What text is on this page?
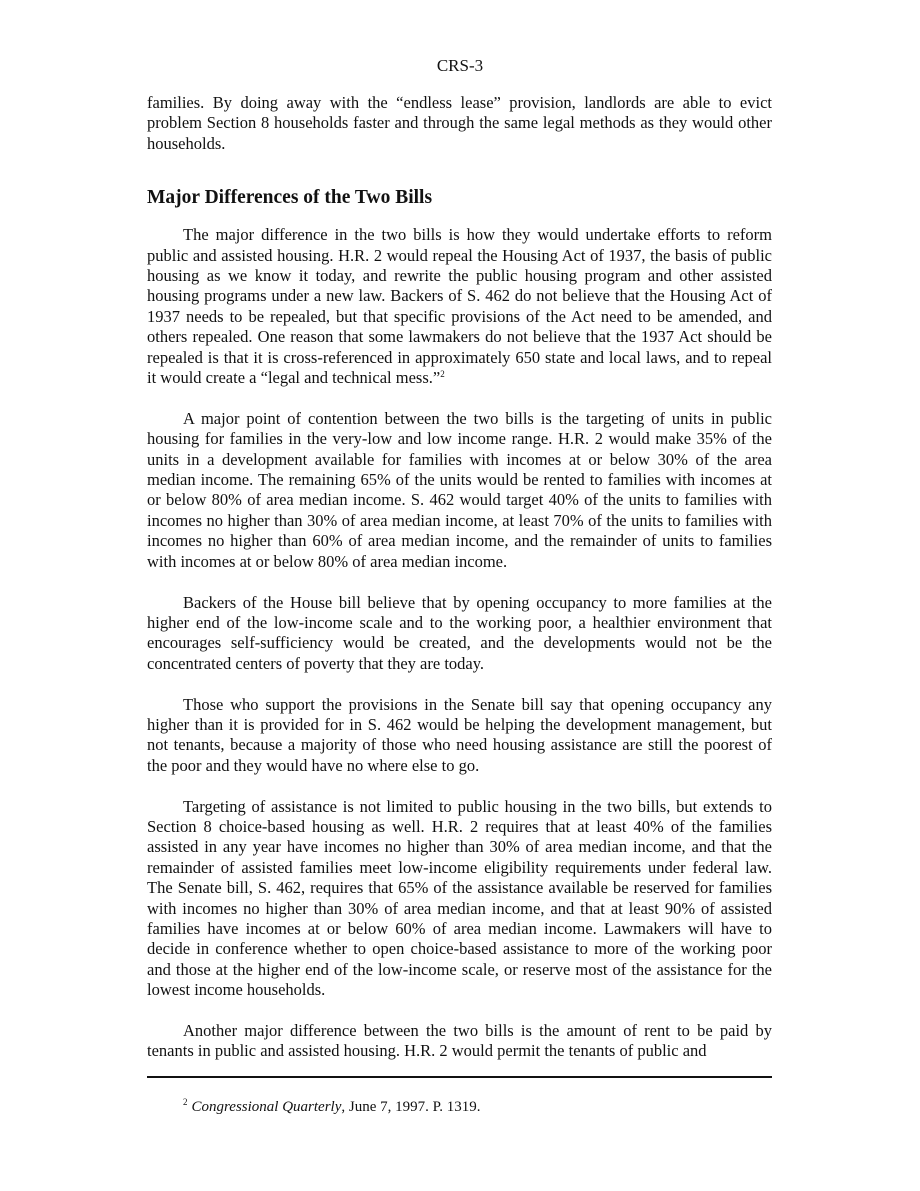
CRS-3

families. By doing away with the “endless lease” provision, landlords are able to evict problem Section 8 households faster and through the same legal methods as they would other households.

Major Differences of the Two Bills

The major difference in the two bills is how they would undertake efforts to reform public and assisted housing. H.R. 2 would repeal the Housing Act of 1937, the basis of public housing as we know it today, and rewrite the public housing program and other assisted housing programs under a new law. Backers of S. 462 do not believe that the Housing Act of 1937 needs to be repealed, but that specific provisions of the Act need to be amended, and others repealed. One reason that some lawmakers do not believe that the 1937 Act should be repealed is that it is cross-referenced in approximately 650 state and local laws, and to repeal it would create a “legal and technical mess.”$^2$

A major point of contention between the two bills is the targeting of units in public housing for families in the very-low and low income range. H.R. 2 would make 35% of the units in a development available for families with incomes at or below 30% of the area median income. The remaining 65% of the units would be rented to families with incomes at or below 80% of area median income. S. 462 would target 40% of the units to families with incomes no higher than 30% of area median income, at least 70% of the units to families with incomes no higher than 60% of area median income, and the remainder of units to families with incomes at or below 80% of area median income.

Backers of the House bill believe that by opening occupancy to more families at the higher end of the low-income scale and to the working poor, a healthier environment that encourages self-sufficiency would be created, and the developments would not be the concentrated centers of poverty that they are today.

Those who support the provisions in the Senate bill say that opening occupancy any higher than it is provided for in S. 462 would be helping the development management, but not tenants, because a majority of those who need housing assistance are still the poorest of the poor and they would have no where else to go.

Targeting of assistance is not limited to public housing in the two bills, but extends to Section 8 choice-based housing as well. H.R. 2 requires that at least 40% of the families assisted in any year have incomes no higher than 30% of area median income, and that the remainder of assisted families meet low-income eligibility requirements under federal law. The Senate bill, S. 462, requires that 65% of the assistance available be reserved for families with incomes no higher than 30% of area median income, and that at least 90% of assisted families have incomes at or below 60% of area median income. Lawmakers will have to decide in conference whether to open choice-based assistance to more of the working poor and those at the higher end of the low-income scale, or reserve most of the assistance for the lowest income households.

Another major difference between the two bills is the amount of rent to be paid by tenants in public and assisted housing. H.R. 2 would permit the tenants of public and

$^2$ Congressional Quarterly, June 7, 1997. P. 1319.
